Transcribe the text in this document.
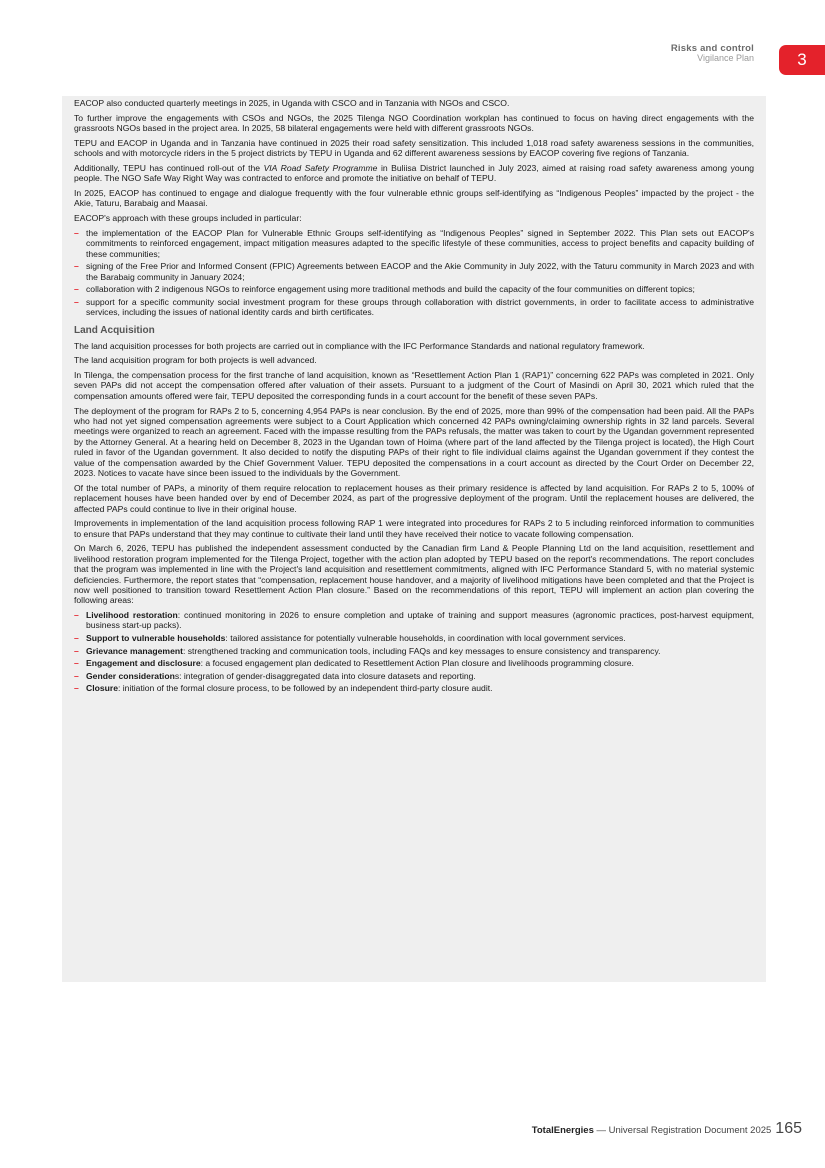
Risks and control
Vigilance Plan	3

EACOP also conducted quarterly meetings in 2025, in Uganda with CSCO and in Tanzania with NGOs and CSCO.

To further improve the engagements with CSOs and NGOs, the 2025 Tilenga NGO Coordination workplan has continued to focus on having direct engagements with the grassroots NGOs based in the project area. In 2025, 58 bilateral engagements were held with different grassroots NGOs.

TEPU and EACOP in Uganda and in Tanzania have continued in 2025 their road safety sensitization. This included 1,018 road safety awareness sessions in the communities, schools and with motorcycle riders in the 5 project districts by TEPU in Uganda and 62 different awareness sessions by EACOP covering five regions of Tanzania.

Additionally, TEPU has continued roll-out of the VIA Road Safety Programme in Buliisa District launched in July 2023, aimed at raising road safety awareness among young people. The NGO Safe Way Right Way was contracted to enforce and promote the initiative on behalf of TEPU.

In 2025, EACOP has continued to engage and dialogue frequently with the four vulnerable ethnic groups self-identifying as “Indigenous Peoples” impacted by the project - the Akie, Taturu, Barabaig and Maasai.

EACOP's approach with these groups included in particular:

– the implementation of the EACOP Plan for Vulnerable Ethnic Groups self-identifying as “Indigenous Peoples” signed in September 2022. This Plan sets out EACOP's commitments to reinforced engagement, impact mitigation measures adapted to the specific lifestyle of these communities, access to project benefits and capacity building of these communities;
– signing of the Free Prior and Informed Consent (FPIC) Agreements between EACOP and the Akie Community in July 2022, with the Taturu community in March 2023 and with the Barabaig community in January 2024;
– collaboration with 2 indigenous NGOs to reinforce engagement using more traditional methods and build the capacity of the four communities on different topics;
– support for a specific community social investment program for these groups through collaboration with district governments, in order to facilitate access to administrative services, including the issues of national identity cards and birth certificates.
Land Acquisition

The land acquisition processes for both projects are carried out in compliance with the IFC Performance Standards and national regulatory framework.

The land acquisition program for both projects is well advanced.

In Tilenga, the compensation process for the first tranche of land acquisition, known as “Resettlement Action Plan 1 (RAP1)” concerning 622 PAPs was completed in 2021. Only seven PAPs did not accept the compensation offered after valuation of their assets. Pursuant to a judgment of the Court of Masindi on April 30, 2021 which ruled that the compensation amounts offered were fair, TEPU deposited the corresponding funds in a court account for the benefit of these seven PAPs.

The deployment of the program for RAPs 2 to 5, concerning 4,954 PAPs is near conclusion. By the end of 2025, more than 99% of the compensation had been paid. All the PAPs who had not yet signed compensation agreements were subject to a Court Application which concerned 42 PAPs owning/claiming ownership rights in 32 land parcels. Several meetings were organized to reach an agreement. Faced with the impasse resulting from the PAPs refusals, the matter was taken to court by the Ugandan government represented by the Attorney General. At a hearing held on December 8, 2023 in the Ugandan town of Hoima (where part of the land affected by the Tilenga project is located), the High Court ruled in favor of the Ugandan government. It also decided to notify the disputing PAPs of their right to file individual claims against the Ugandan government if they contest the value of the compensation awarded by the Chief Government Valuer. TEPU deposited the compensations in a court account as directed by the Court Order on December 22, 2023. Notices to vacate have since been issued to the individuals by the Government.

Of the total number of PAPs, a minority of them require relocation to replacement houses as their primary residence is affected by land acquisition. For RAPs 2 to 5, 100% of replacement houses have been handed over by end of December 2024, as part of the progressive deployment of the program. Until the replacement houses are delivered, the affected PAPs could continue to live in their original house.

Improvements in implementation of the land acquisition process following RAP 1 were integrated into procedures for RAPs 2 to 5 including reinforced information to communities to ensure that PAPs understand that they may continue to cultivate their land until they have received their notice to vacate following compensation.

On March 6, 2026, TEPU has published the independent assessment conducted by the Canadian firm Land & People Planning Ltd on the land acquisition, resettlement and livelihood restoration program implemented for the Tilenga Project, together with the action plan adopted by TEPU based on the report's recommendations. The report concludes that the program was implemented in line with the Project's land acquisition and resettlement commitments, aligned with IFC Performance Standard 5, with no material systemic deficiencies. Furthermore, the report states that “compensation, replacement house handover, and a majority of livelihood mitigations have been completed and that the Project is now well positioned to transition toward Resettlement Action Plan closure.” Based on the recommendations of this report, TEPU will implement an action plan covering the following areas:

– Livelihood restoration: continued monitoring in 2026 to ensure completion and uptake of training and support measures (agronomic practices, post-harvest equipment, business start-up packs).
– Support to vulnerable households: tailored assistance for potentially vulnerable households, in coordination with local government services.
– Grievance management: strengthened tracking and communication tools, including FAQs and key messages to ensure consistency and transparency.
– Engagement and disclosure: a focused engagement plan dedicated to Resettlement Action Plan closure and livelihoods programming closure.
– Gender considerations: integration of gender-disaggregated data into closure datasets and reporting.
– Closure: initiation of the formal closure process, to be followed by an independent third-party closure audit.
TotalEnergies — Universal Registration Document 2025 165
